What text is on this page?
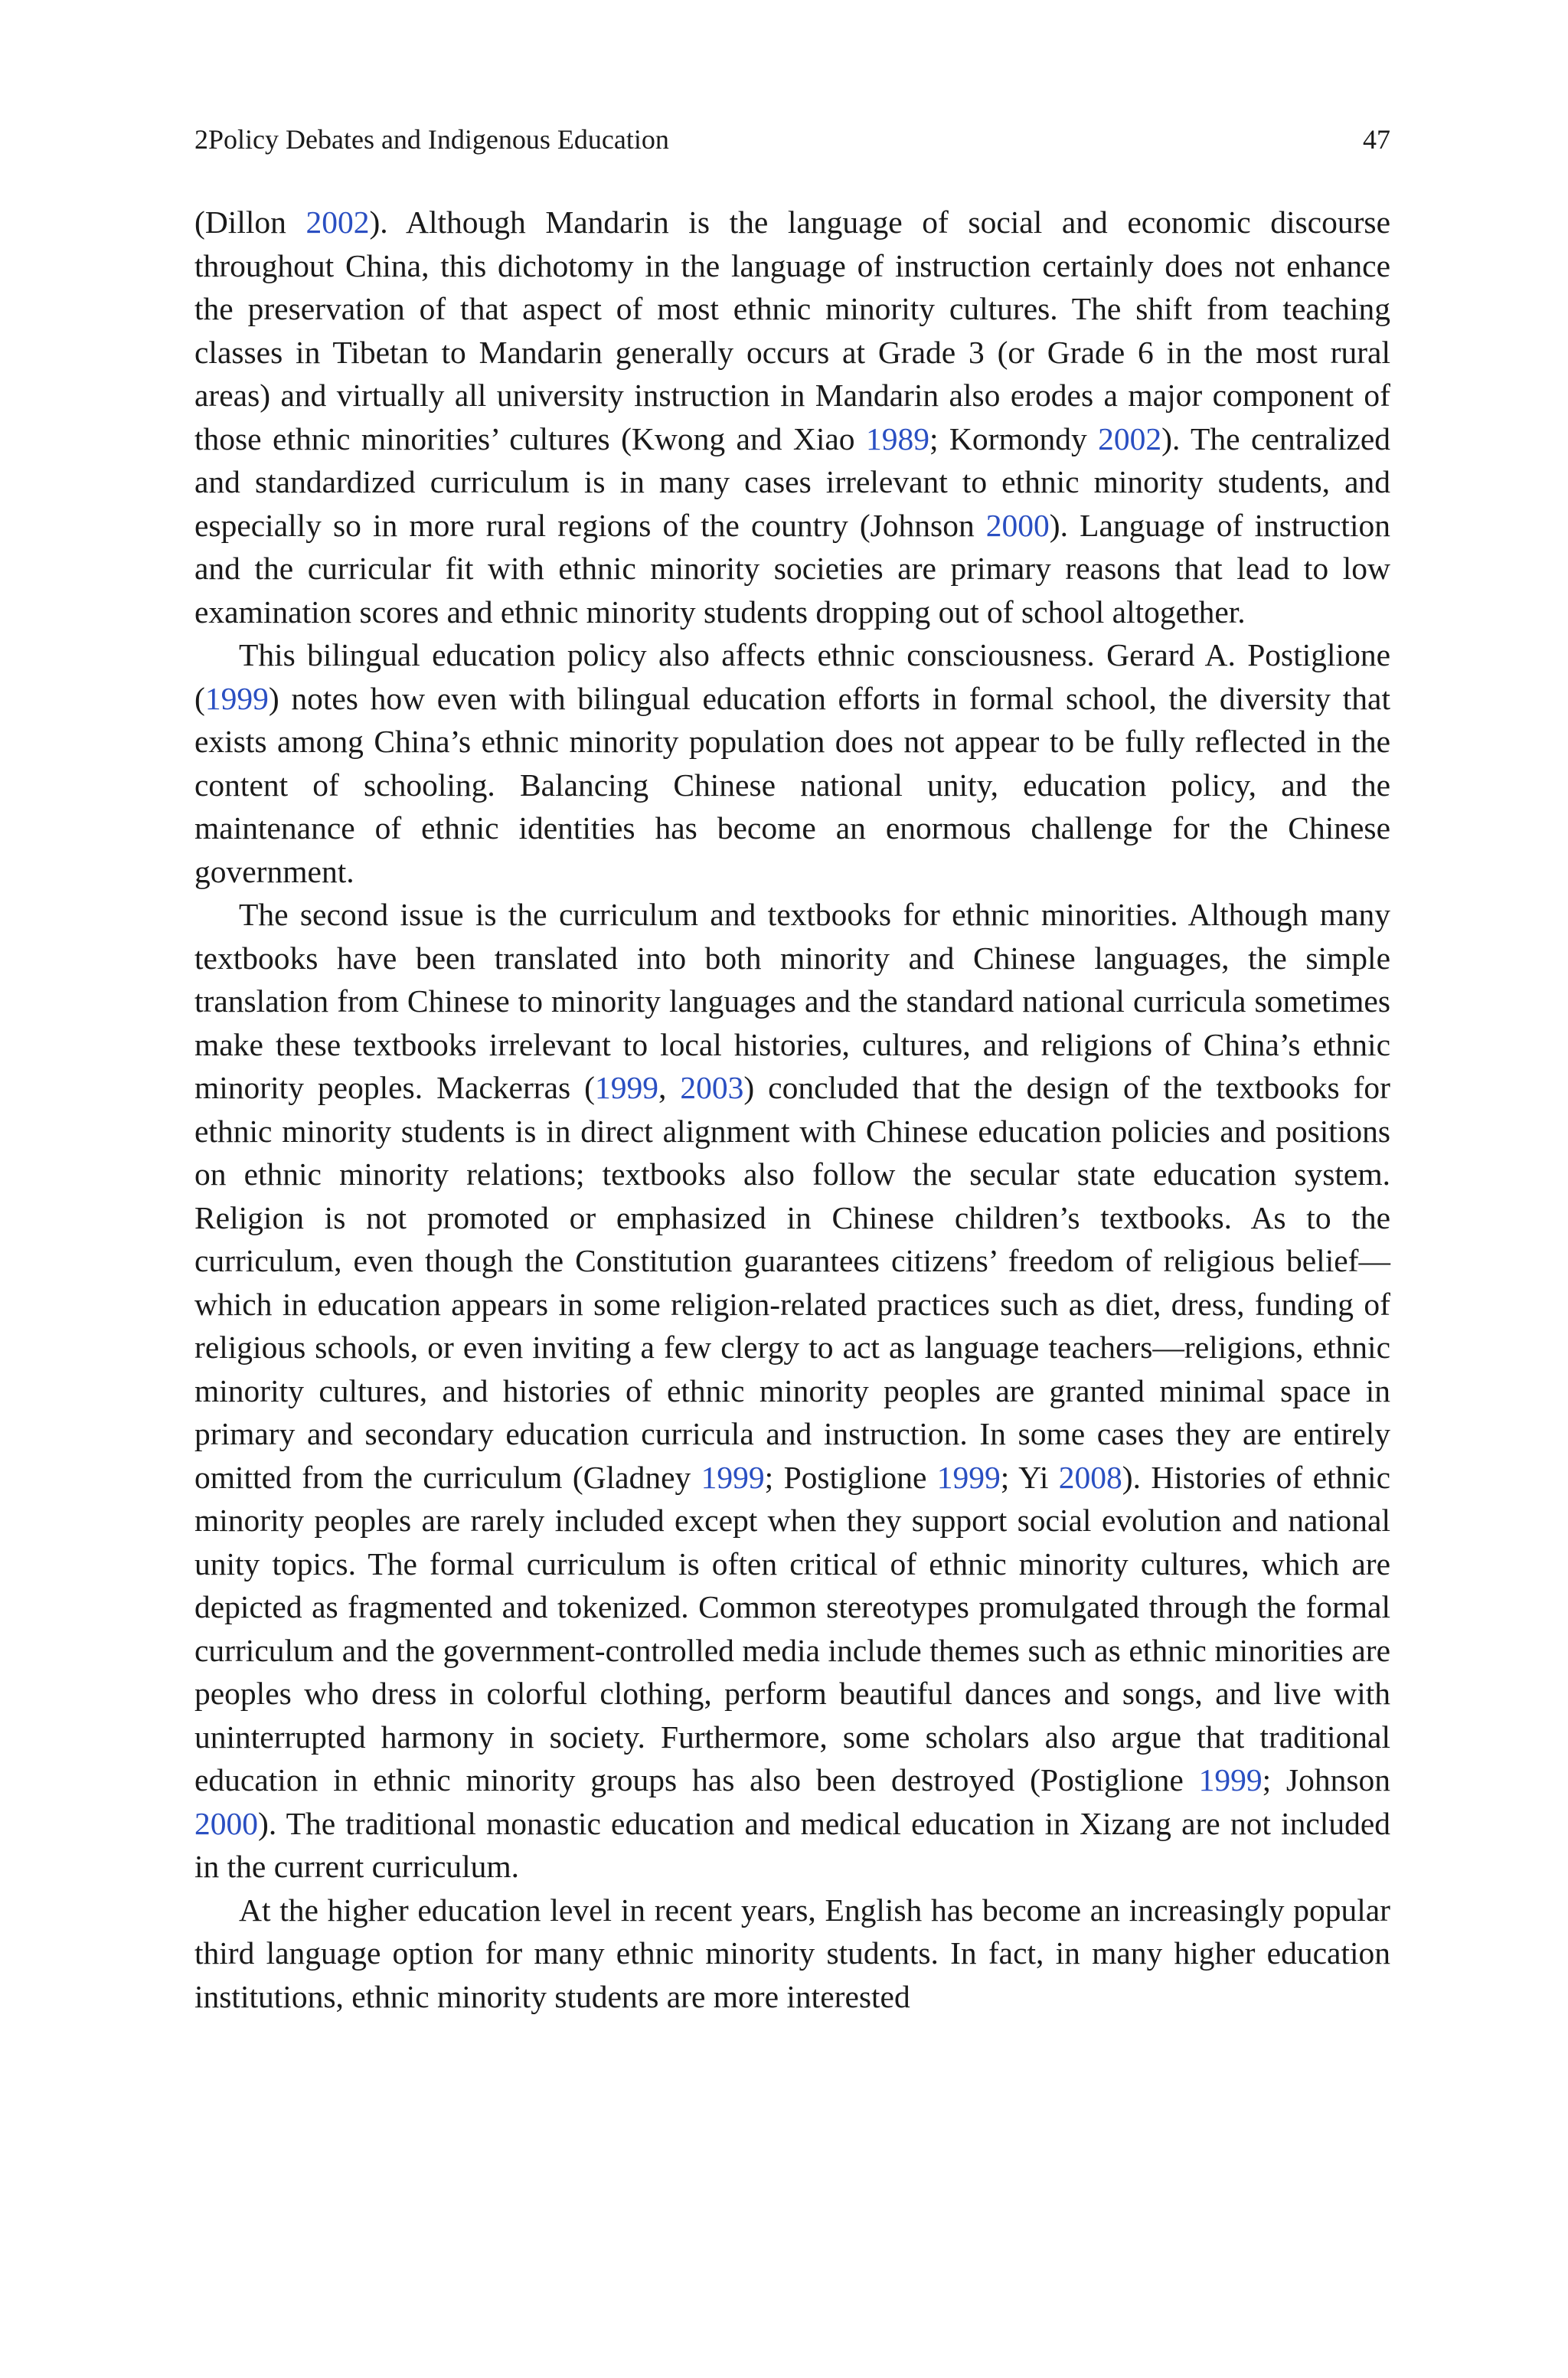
2Policy Debates and Indigenous Education	47

(Dillon 2002). Although Mandarin is the language of social and economic discourse throughout China, this dichotomy in the language of instruction certainly does not enhance the preservation of that aspect of most ethnic minority cultures. The shift from teaching classes in Tibetan to Mandarin generally occurs at Grade 3 (or Grade 6 in the most rural areas) and virtually all university instruction in Mandarin also erodes a major component of those ethnic minorities’ cultures (Kwong and Xiao 1989; Kormondy 2002). The centralized and standardized curriculum is in many cases irrelevant to ethnic minority students, and especially so in more rural regions of the country (Johnson 2000). Language of instruction and the curricular fit with ethnic minority societies are primary reasons that lead to low examination scores and ethnic minority students dropping out of school altogether.

This bilingual education policy also affects ethnic consciousness. Gerard A. Postiglione (1999) notes how even with bilingual education efforts in formal school, the diversity that exists among China’s ethnic minority population does not appear to be fully reflected in the content of schooling. Balancing Chinese national unity, education policy, and the maintenance of ethnic identities has become an enormous challenge for the Chinese government.

The second issue is the curriculum and textbooks for ethnic minorities. Although many textbooks have been translated into both minority and Chinese languages, the simple translation from Chinese to minority languages and the standard national curricula sometimes make these textbooks irrelevant to local histories, cultures, and religions of China’s ethnic minority peoples. Mackerras (1999, 2003) concluded that the design of the textbooks for ethnic minority students is in direct alignment with Chinese education policies and positions on ethnic minority relations; textbooks also follow the secular state education system. Religion is not promoted or emphasized in Chinese children’s textbooks. As to the curriculum, even though the Constitution guarantees citizens’ freedom of religious belief—which in education appears in some religion-related practices such as diet, dress, funding of religious schools, or even inviting a few clergy to act as language teachers—religions, ethnic minority cultures, and histories of ethnic minority peoples are granted minimal space in primary and secondary education curricula and instruction. In some cases they are entirely omitted from the curriculum (Gladney 1999; Postiglione 1999; Yi 2008). Histories of ethnic minority peoples are rarely included except when they support social evolution and national unity topics. The formal curriculum is often critical of ethnic minority cultures, which are depicted as fragmented and tokenized. Common stereotypes promulgated through the formal curriculum and the government-controlled media include themes such as ethnic minorities are peoples who dress in colorful clothing, perform beautiful dances and songs, and live with uninterrupted harmony in society. Furthermore, some scholars also argue that traditional education in ethnic minority groups has also been destroyed (Postiglione 1999; Johnson 2000). The traditional monastic education and medical education in Xizang are not included in the current curriculum.

At the higher education level in recent years, English has become an increasingly popular third language option for many ethnic minority students. In fact, in many higher education institutions, ethnic minority students are more interested
